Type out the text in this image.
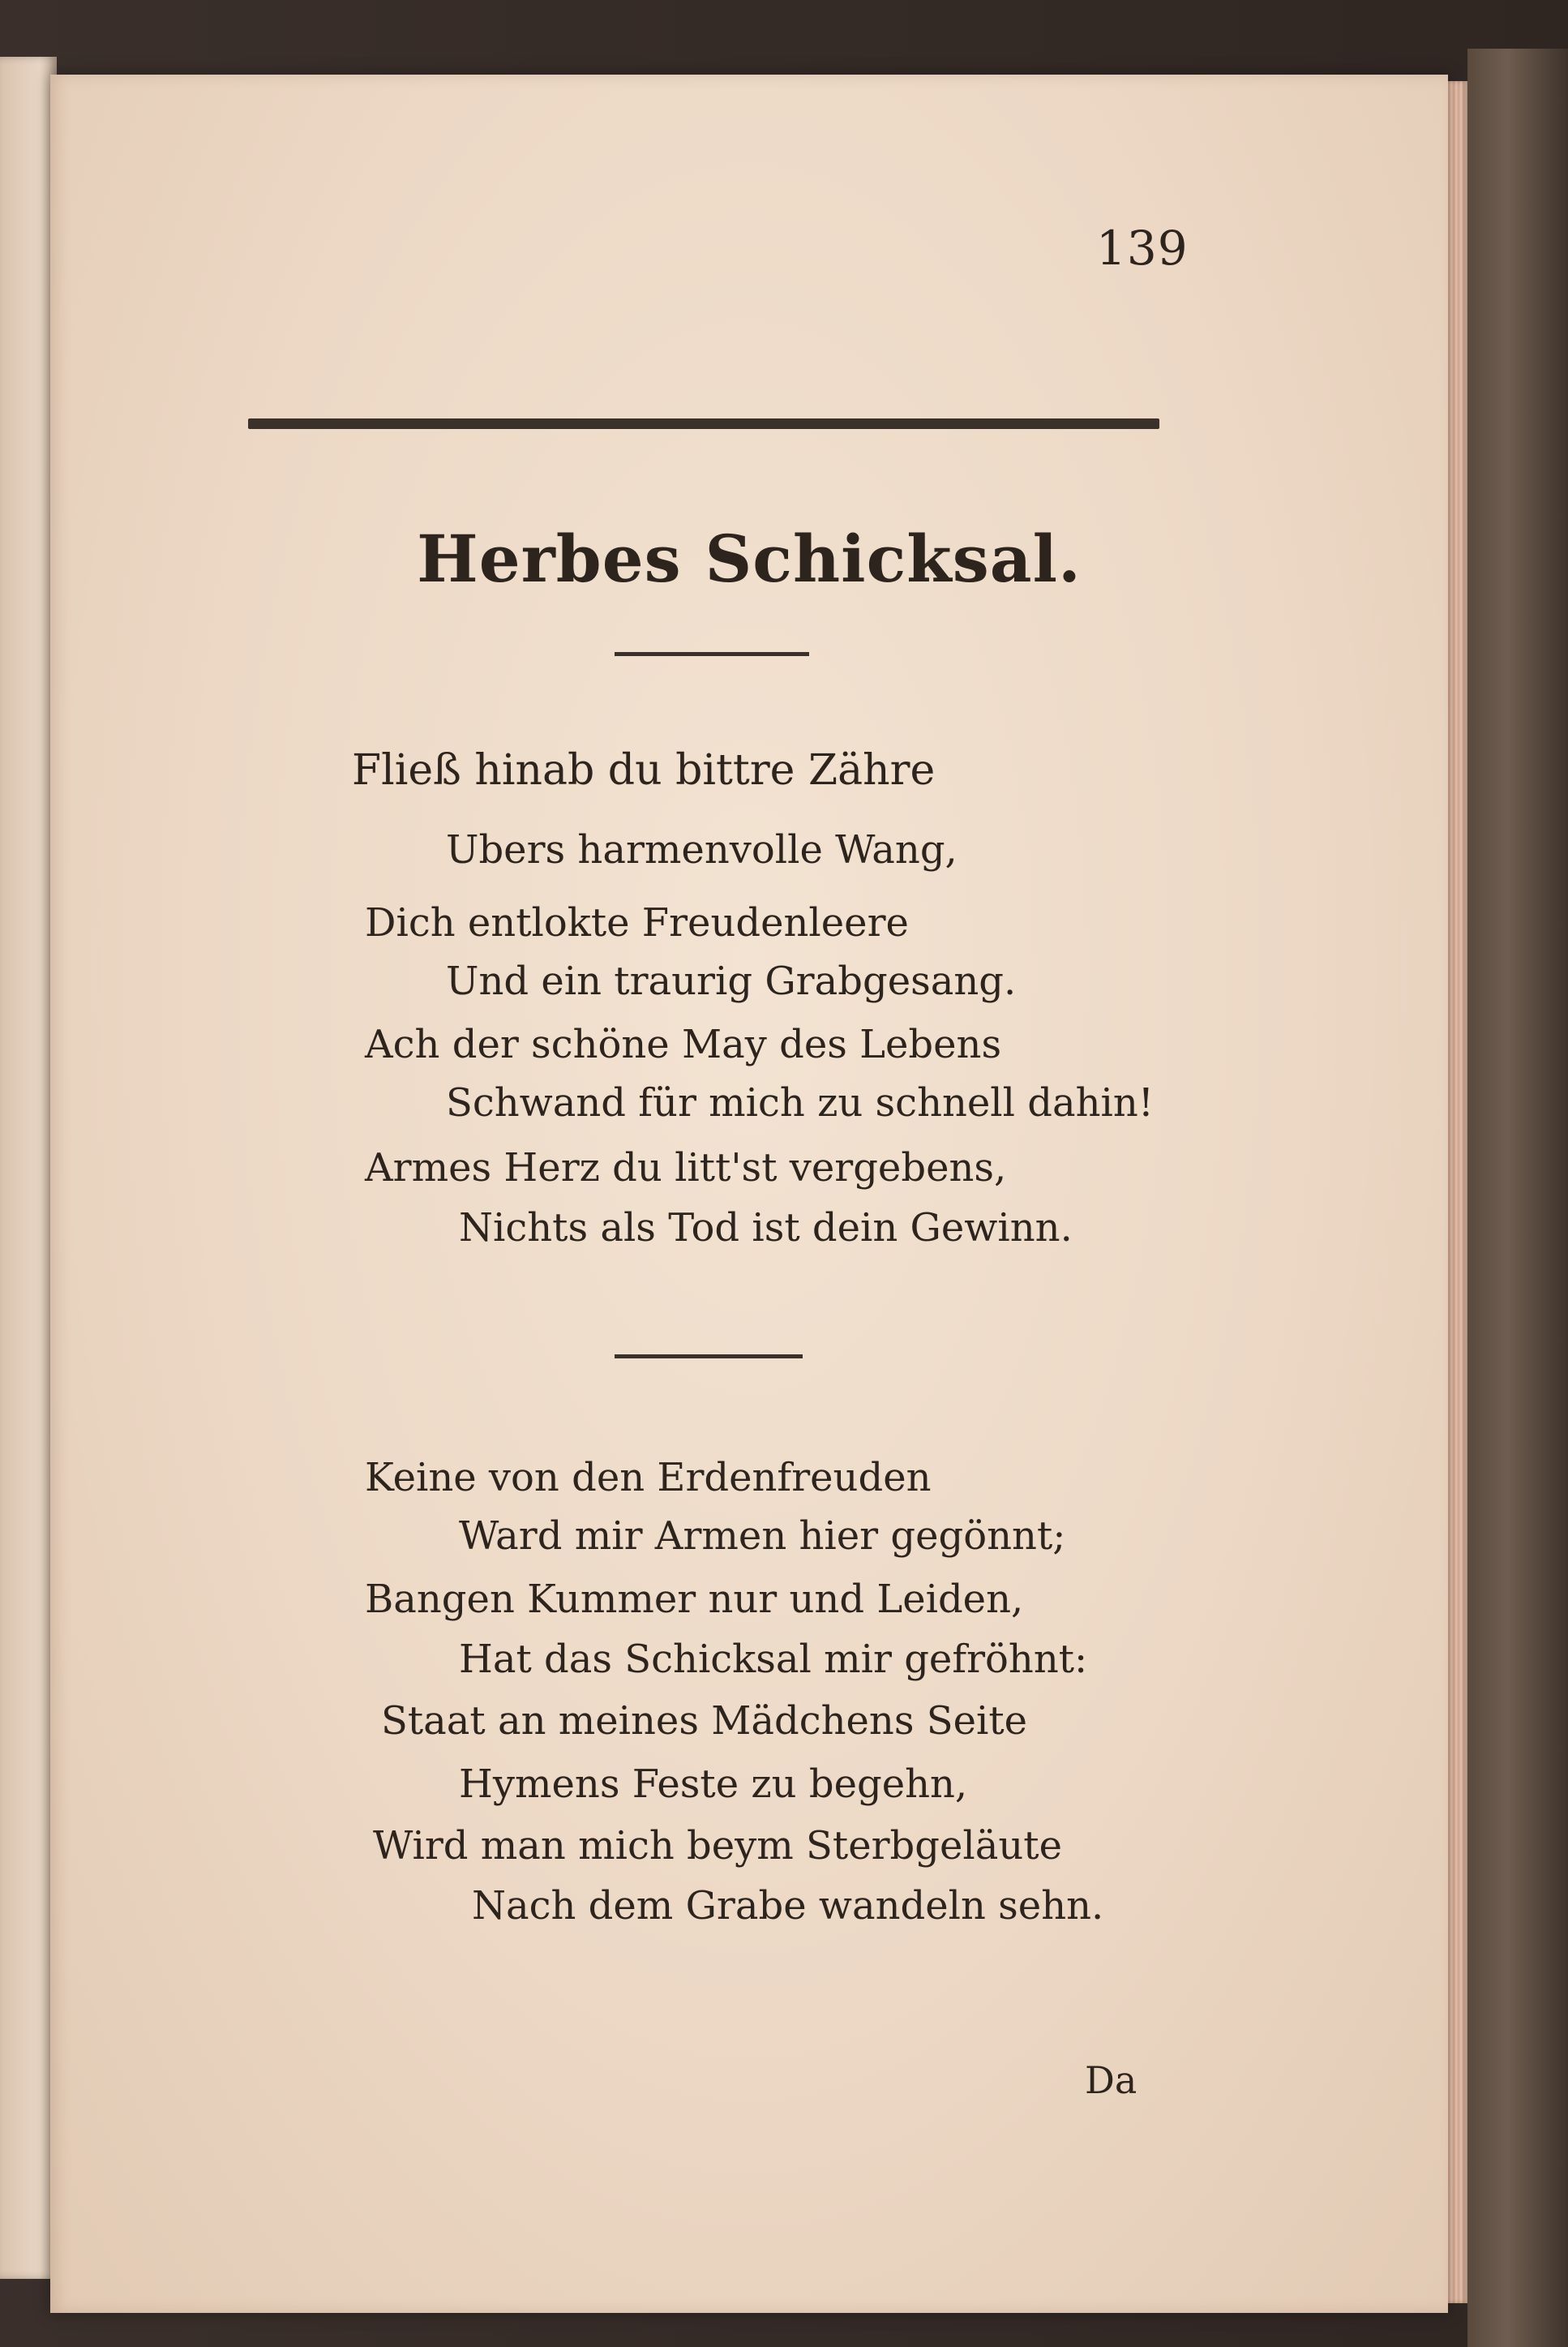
139
Herbes Schicksal.
Fließ hinab du bittre Zähre
Ubers harmenvolle Wang,
Dich entlokte Freudenleere
Und ein traurig Grabgesang.
Ach der schöne May des Lebens
Schwand für mich zu schnell dahin!
Armes Herz du litt'st vergebens,
Nichts als Tod ist dein Gewinn.
Keine von den Erdenfreuden
Ward mir Armen hier gegönnt;
Bangen Kummer nur und Leiden,
Hat das Schicksal mir gefröhnt:
Staat an meines Mädchens Seite
Hymens Feste zu begehn,
Wird man mich beym Sterbgeläute
Nach dem Grabe wandeln sehn.
Da
